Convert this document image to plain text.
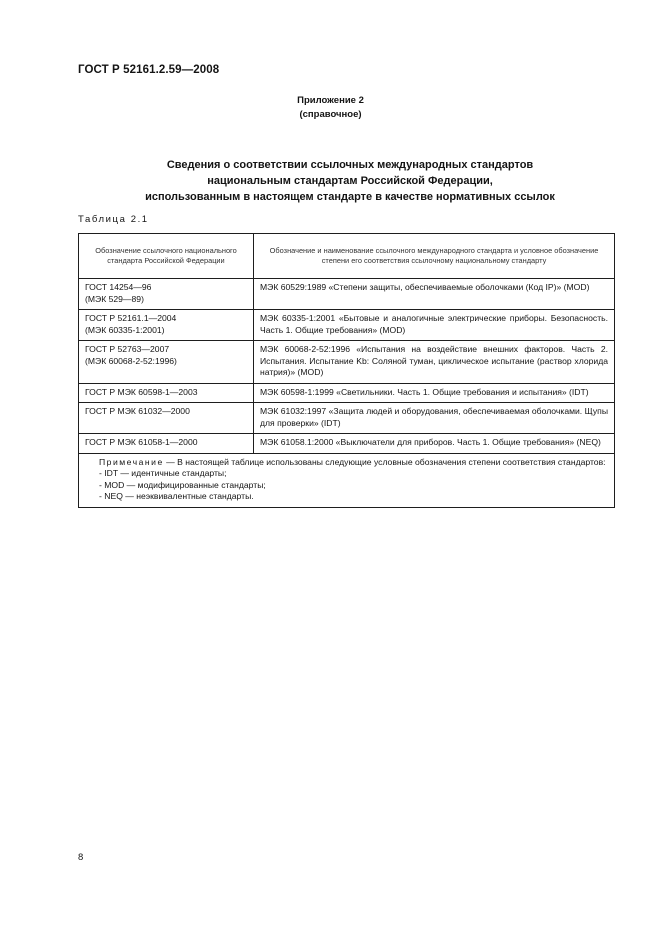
ГОСТ Р 52161.2.59—2008
Приложение 2
(справочное)
Сведения о соответствии ссылочных международных стандартов
национальным стандартам Российской Федерации,
использованным в настоящем стандарте в качестве нормативных ссылок
Таблица 2.1
Обозначение ссылочного национального стандарта Российской Федерации	Обозначение и наименование ссылочного международного стандарта и условное обозначение степени его соответствия ссылочному национальному стандарту

ГОСТ 14254—96
(МЭК 529—89)	МЭК 60529:1989 «Степени защиты, обеспечиваемые оболочками (Код IP)» (MOD)

ГОСТ Р 52161.1—2004
(МЭК 60335-1:2001)	МЭК 60335-1:2001 «Бытовые и аналогичные электрические приборы. Безопасность. Часть 1. Общие требования» (MOD)

ГОСТ Р 52763—2007
(МЭК 60068-2-52:1996)	МЭК 60068-2-52:1996 «Испытания на воздействие внешних факторов. Часть 2. Испытания. Испытание Kb: Соляной туман, циклическое испытание (раствор хлорида натрия)» (MOD)

ГОСТ Р МЭК 60598-1—2003	МЭК 60598-1:1999 «Светильники. Часть 1. Общие требования и испытания» (IDT)

ГОСТ Р МЭК 61032—2000	МЭК 61032:1997 «Защита людей и оборудования, обеспечиваемая оболочками. Щупы для проверки» (IDT)

ГОСТ Р МЭК 61058-1—2000	МЭК 61058.1:2000 «Выключатели для приборов. Часть 1. Общие требования» (NEQ)

Примечание — В настоящей таблице использованы следующие условные обозначения степени соответствия стандартов:
- IDT — идентичные стандарты;
- MOD — модифицированные стандарты;
- NEQ — неэквивалентные стандарты.	
8
